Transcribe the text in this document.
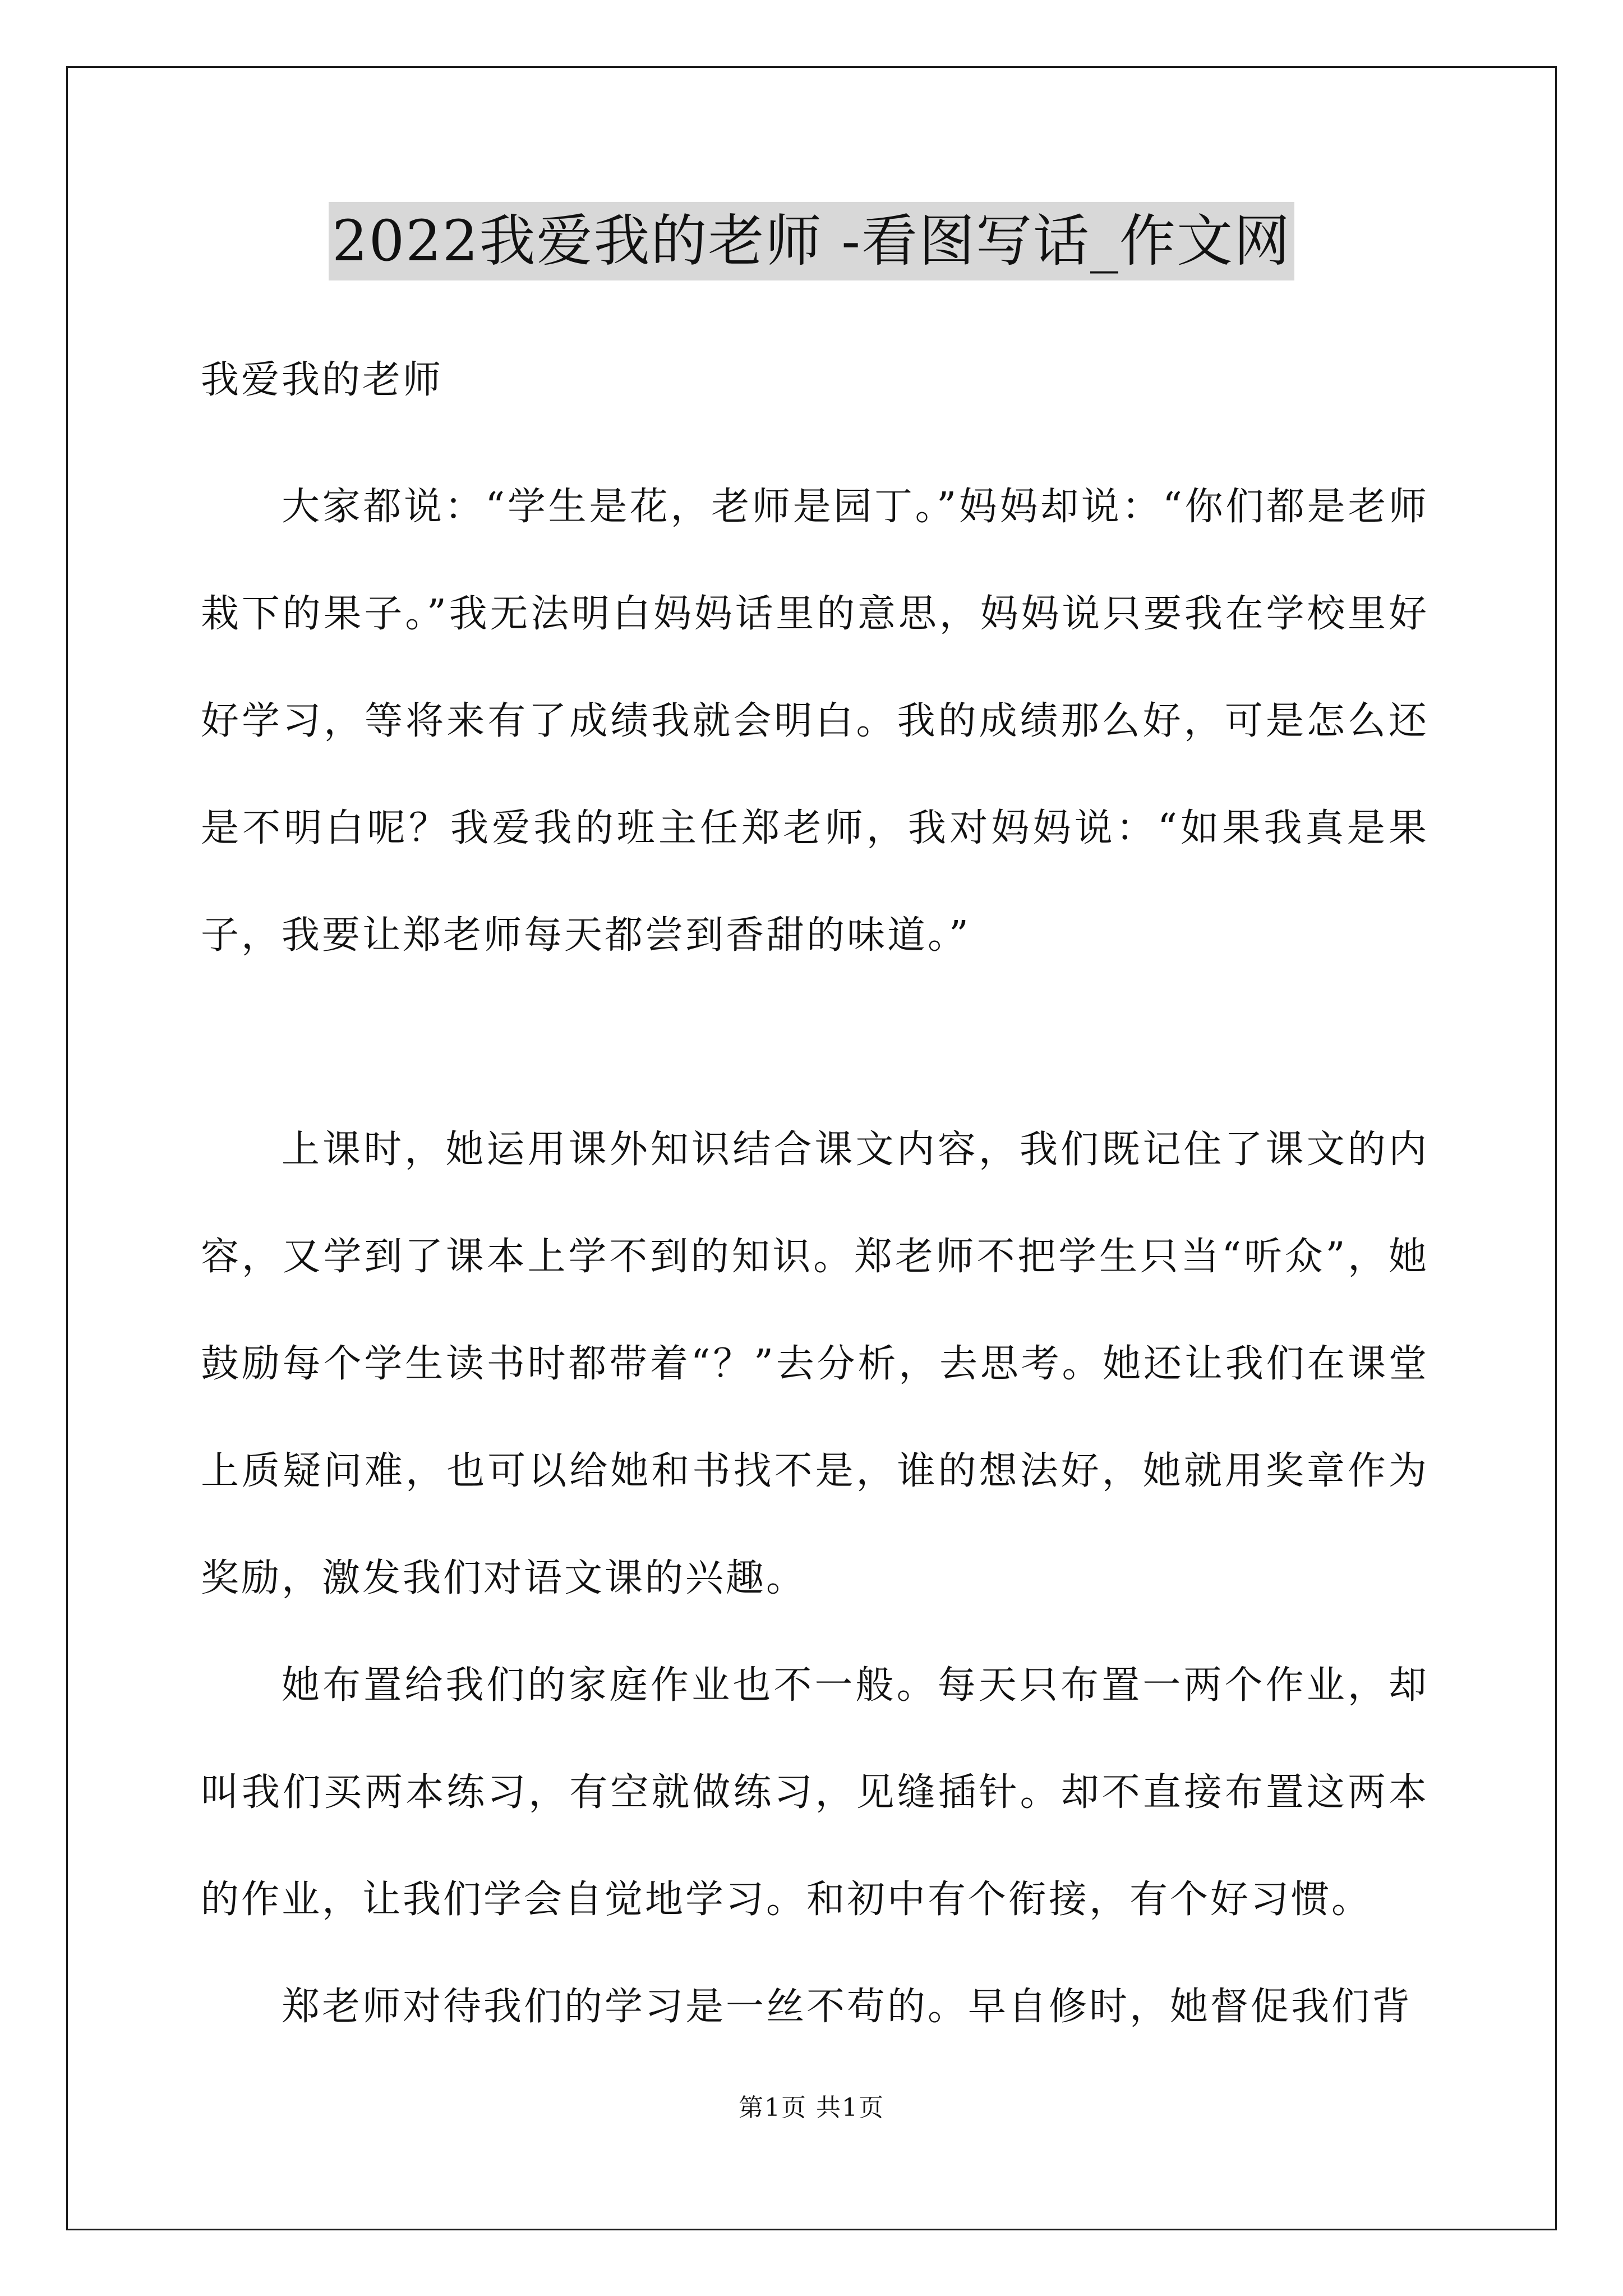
2022我爱我的老师 -看图写话_作文网

我爱我的老师

大家都说：“学生是花，老师是园丁。”妈妈却说：“你们都是老师栽下的果子。”我无法明白妈妈话里的意思，妈妈说只要我在学校里好好学习，等将来有了成绩我就会明白。我的成绩那么好，可是怎么还是不明白呢？我爱我的班主任郑老师，我对妈妈说：“如果我真是果子，我要让郑老师每天都尝到香甜的味道。”

上课时，她运用课外知识结合课文内容，我们既记住了课文的内容，又学到了课本上学不到的知识。郑老师不把学生只当“听众”，她鼓励每个学生读书时都带着“？”去分析，去思考。她还让我们在课堂上质疑问难，也可以给她和书找不是，谁的想法好，她就用奖章作为奖励，激发我们对语文课的兴趣。

她布置给我们的家庭作业也不一般。每天只布置一两个作业，却叫我们买两本练习，有空就做练习，见缝插针。却不直接布置这两本的作业，让我们学会自觉地学习。和初中有个衔接，有个好习惯。

郑老师对待我们的学习是一丝不苟的。早自修时，她督促我们背

第1页 共1页
